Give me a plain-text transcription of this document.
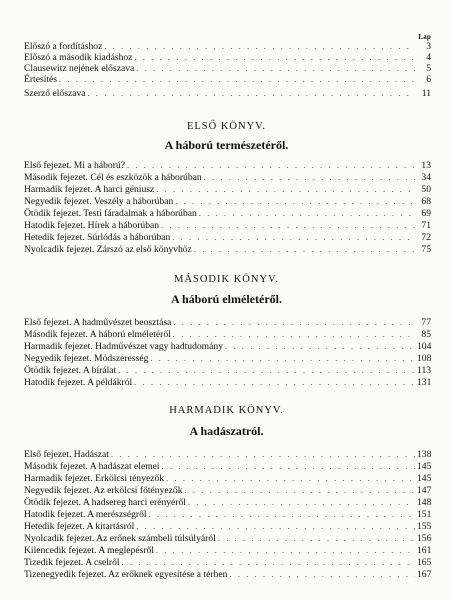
Lap
Előszó a fordításhoz . . .	3
Előszó a második kiadáshoz . . .	4
Clausewitz nejének előszava . . .	5
Értesítés . . .	6
Szerző előszava . . .	11
ELSŐ KÖNYV.
A háború természetéről.
Első fejezet. Mi a háború? . . .	13
Második fejezet. Cél és eszközök a háborúban . . .	34
Harmadik fejezet. A harci géniusz . . .	50
Negyedik fejezet. Veszély a háborúban . . .	68
Ötödik fejezet. Testi fáradalmak a háborúban . . .	69
Hatodik fejezet. Hírek a háborúban . . .	71
Hetedik fejezet. Súrlódás a háborúban . . .	72
Nyolcadik fejezet. Zárszó az első könyvhöz . . .	75
MÁSODIK KÖNYV.
A háború elméletéről.
Első fejezet. A hadművészet beosztása . . .	77
Második fejezet. A háború elméletéről . . .	85
Harmadik fejezet. Hadművészet vagy hadtudomány . . .	104
Negyedik fejezet. Módszeresség . . .	108
Ötödik fejezet. A bírálat . . .	113
Hatodik fejezet. A példákról . . .	131
HARMADIK KÖNYV.
A hadászatról.
Első fejezet. Hadászat . . .	138
Második fejezet. A hadászat elemei . . .	145
Harmadik fejezet. Erkölcsi tényezők . . .	145
Negyedik fejezet. Az erkölcsi főtényezők . . .	147
Ötödik fejezet. A hadsereg harci erényéről . . .	148
Hatodik fejezet. A merészségről . . .	151
Hetedik fejezet. A kitartásról . . .	155
Nyolcadik fejezet. Az erőnek számbeli túlsúlyáról . . .	156
Kilencedik fejezet. A meglepésről . . .	161
Tizedik fejezet. A cselről . . .	165
Tizenegyedik fejezet. Az erőknek egyesítése a térben . . .	167
